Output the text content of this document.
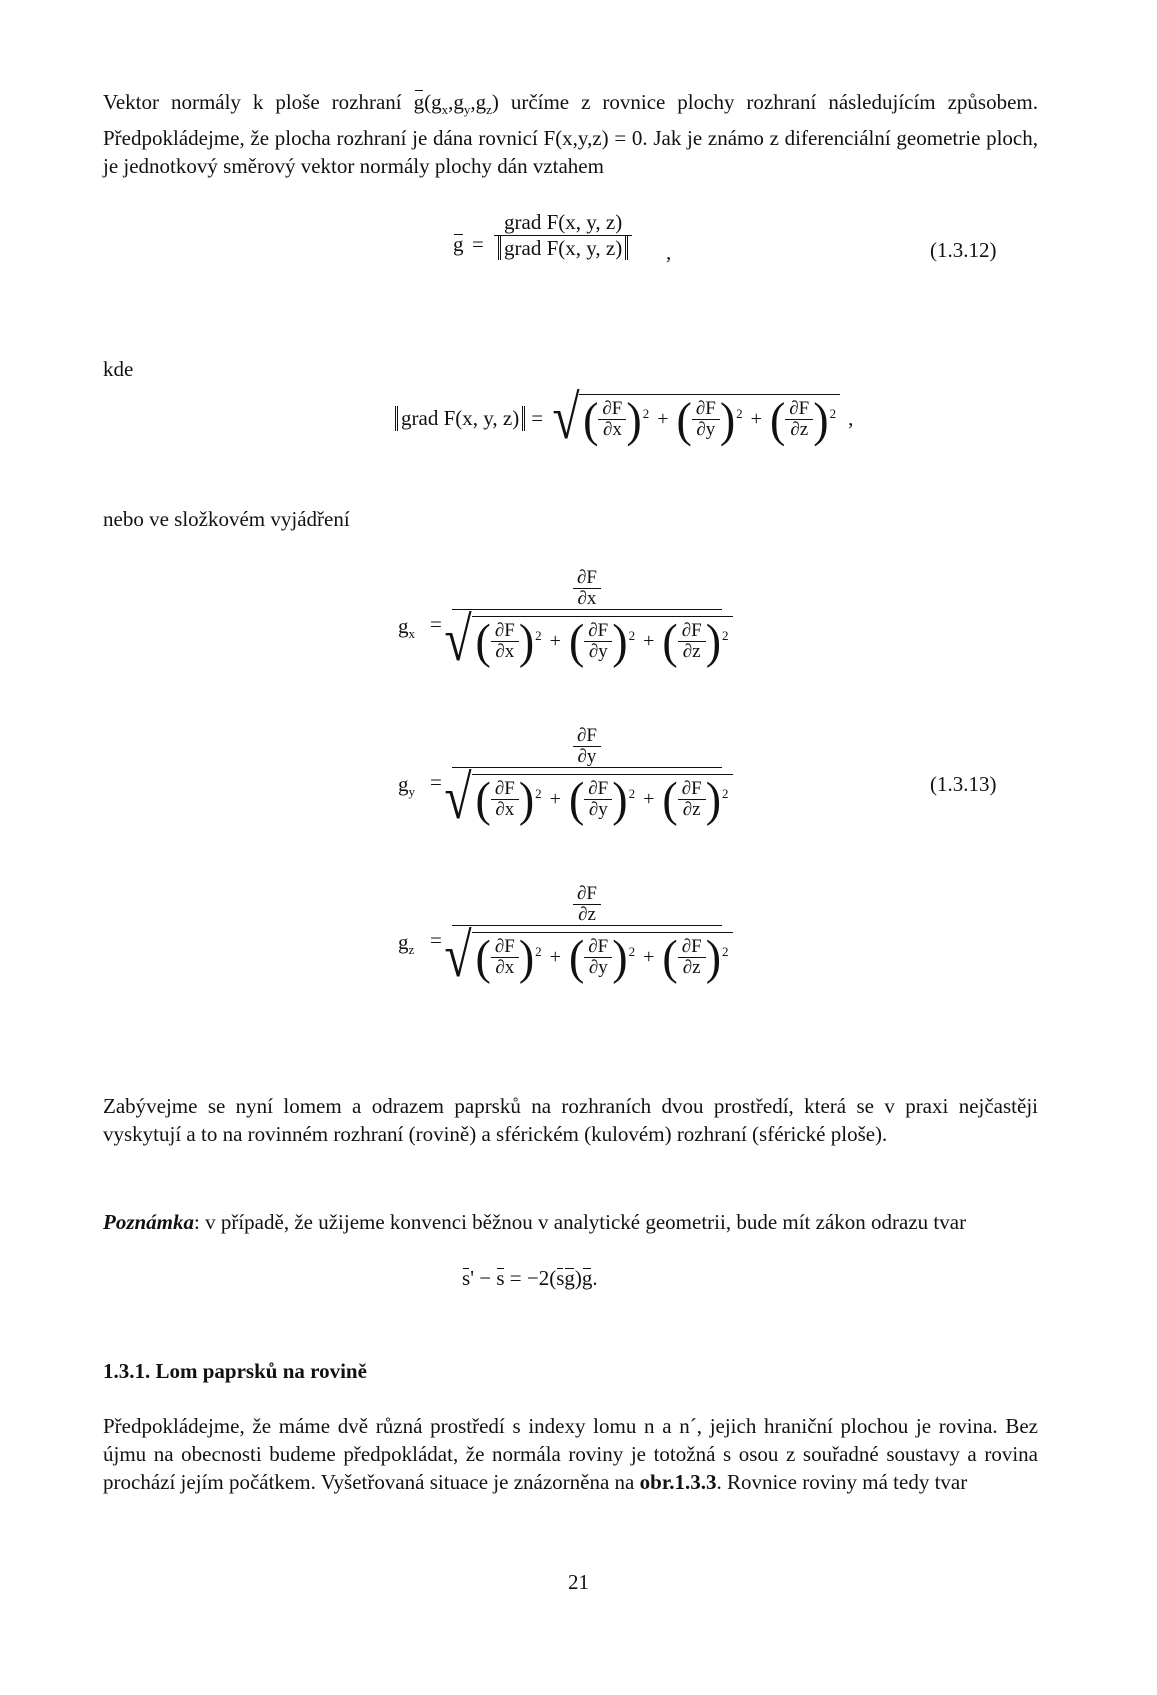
Vektor normály k ploše rozhraní $g(g_x,g_y,g_z)$ určíme z rovnice plochy rozhraní následujícím způsobem. Předpokládejme, že plocha rozhraní je dána rovnicí F(x,y,z) = 0. Jak je známo z diferenciální geometrie ploch, je jednotkový směrový vektor normály plochy dán vztahem

g =
grad F(x, y, z)
grad F(x, y, z)	,	(1.3.12)

kde

grad F(x, y, z) = √ ( ∂F
∂x ) 2 + ( ∂F
∂y ) 2 + ( ∂F
∂z ) 2 ,

nebo ve složkovém vyjádření

$g_x$ =
∂F
∂x
√ ( ∂F
∂x ) 2 + ( ∂F
∂y ) 2 + ( ∂F
∂z ) 2
$g_y$ =
∂F
∂y
√ ( ∂F
∂x ) 2 + ( ∂F
∂y ) 2 + ( ∂F
∂z ) 2	(1.3.13)
$g_z$ =
∂F
∂z
√ ( ∂F
∂x ) 2 + ( ∂F
∂y ) 2 + ( ∂F
∂z ) 2

Zabývejme se nyní lomem a odrazem paprsků na rozhraních dvou prostředí, která se v praxi nejčastěji vyskytují a to na rovinném rozhraní (rovině) a sférickém (kulovém) rozhraní (sférické ploše).

Poznámka: v případě, že užijeme konvenci běžnou v analytické geometrii, bude mít zákon odrazu tvar

s' − s = −2(sg)g.

1.3.1. Lom paprsků na rovině

Předpokládejme, že máme dvě různá prostředí s indexy lomu n a n´, jejich hraniční plochou je rovina. Bez újmu na obecnosti budeme předpokládat, že normála roviny je totožná s osou z souřadné soustavy a rovina prochází jejím počátkem. Vyšetřovaná situace je znázorněna na obr.1.3.3. Rovnice roviny má tedy tvar

21
